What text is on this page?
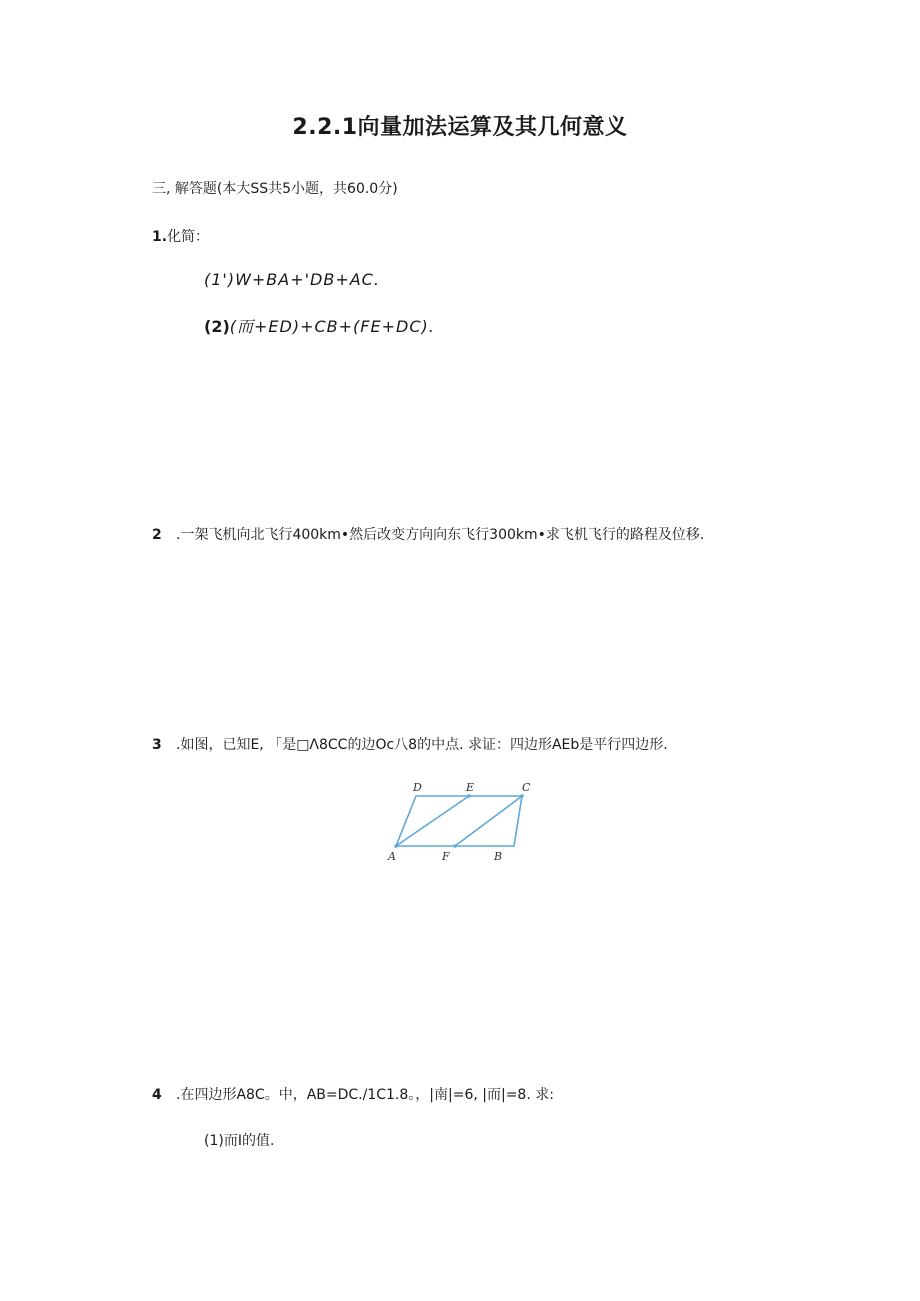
2.2.1向量加法运算及其几何意义
三, 解答题(本大SS共5小题，共60.0分)
1.化简：
(1')W+BA+'DB+AC.
(2)(而+ED)+CB+(FE+DC).
2 .一架飞机向北飞行400km•然后改变方向向东飞行300km•求飞机飞行的路程及位移.
3 .如图，已知E, 「是□Λ8CC的边Oc八8的中点. 求证：四边形AEb是平行四边形.
D	E	C
A	F	B
4 .在四边形A8C。中，AB=DC./1C1.8。，|南|=6, |而|=8. 求:
(1)而I的值.
